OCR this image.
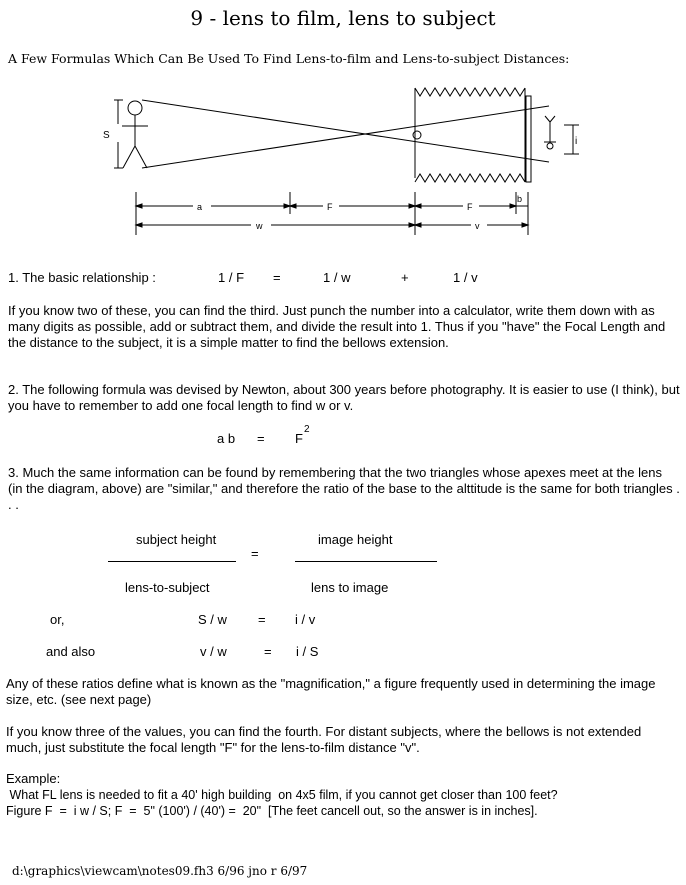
9 - lens to film, lens to subject
A Few Formulas Which Can Be Used To Find Lens-to-film and Lens-to-subject Distances:
S
i
a	F	F
b
w	v
1. The basic relationship :	1 / F =	1 / w	+	1 / v
If you know two of these, you can find the third. Just punch the number into a calculator, write them down with as many digits as possible, add or subtract them, and divide the result into 1. Thus if you "have" the Focal Length and the distance to the subject, it is a simple matter to find the bellows extension.
2. The following formula was devised by Newton, about 300 years before photography. It is easier to use (I think), but you have to remember to add one focal length to find w or v.
a b = F
2
3. Much the same information can be found by remembering that the two triangles whose apexes meet at the lens (in the diagram, above) are "similar," and therefore the ratio of the base to the alttitude is the same for both triangles . . .
subject height
lens-to-subject
=
image height
lens to image
or,	S / w = i / v
and also	v / w	= i / S
Any of these ratios define what is known as the "magnification," a figure frequently used in determining the image size, etc. (see next page)
If you know three of the values, you can find the fourth. For distant subjects, where the bellows is not extended much, just substitute the focal length "F" for the lens-to-film distance "v".
Example:
What FL lens is needed to fit a 40' high building  on 4x5 film, if you cannot get closer than 100 feet?
Figure F  =  i w / S; F  =  5" (100') / (40') =  20"  [The feet cancell out, so the answer is in inches].
d:\graphics\viewcam\notes09.fh3 6/96 jno r 6/97
